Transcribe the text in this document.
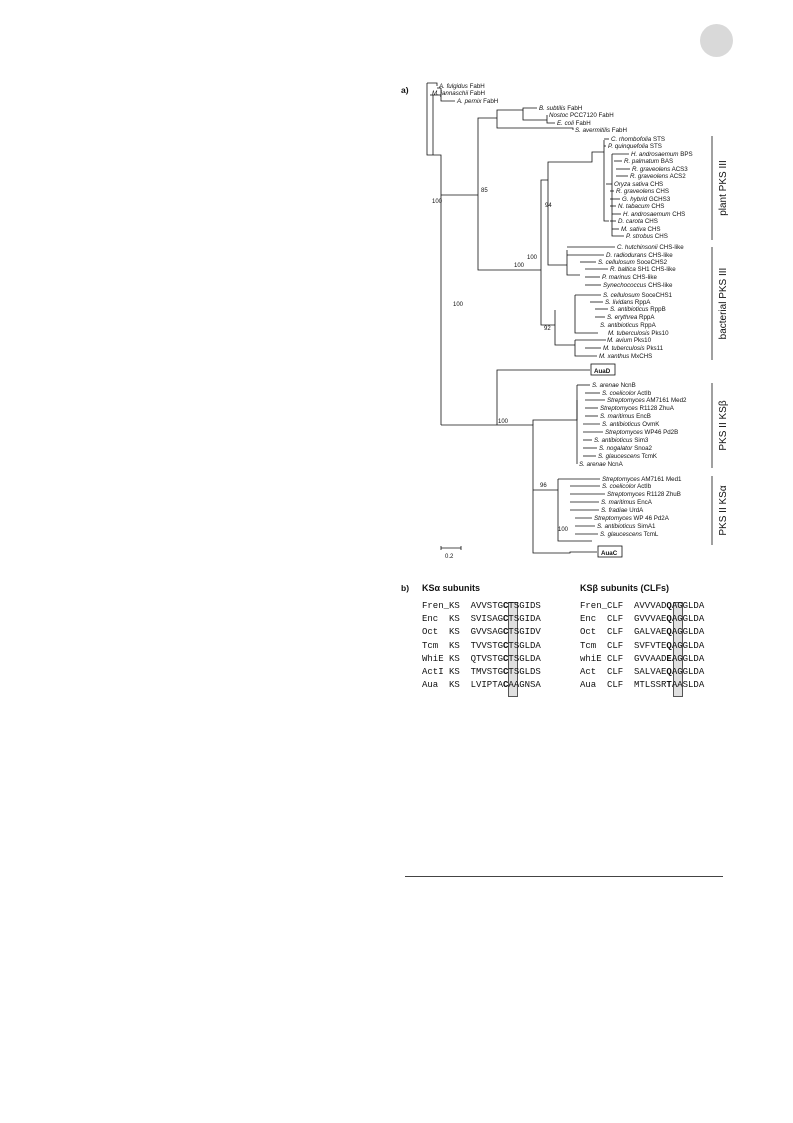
A. fulgidus FabH
M. jannaschii FabH
A. pernix FabH
B. subtilis FabH
Nostoc PCC7120 FabH
E. coli FabH
S. avermitilis FabH
C. rhombofolia STS
P. quinquefolia STS
H. androsaemum BPS
R. palmatum BAS
R. graveolens ACS3
R. graveolens ACS2
Oryza sativa CHS
R. graveolens CHS
G. hybrid GCHS3
N. tabacum CHS
H. androsaemum CHS
D. carota CHS
M. sativa CHS
P. strobus CHS
C. hutchinsonii CHS-like
D. radiodurans CHS-like
S. cellulosum SoceCHS2
R. baltica SH1 CHS-like
P. marinus CHS-like
Synechococcus CHS-like
S. cellulosum SoceCHS1
S. lividans RppA
S. antibioticus RppB
S. erythrea RppA
S. antibioticus RppA
M. tuberculosis Pks10
M. avium Pks10
M. tuberculosis Pks11
M. xanthus MxCHS
S. arenae NcnB
S. coelicolor ActIb
Streptomyces AM7161 Med2
Streptomyces R1128 ZhuA
S. maritimus EncB
S. antibioticus OvmK
Streptomyces WP46 Pd2B
S. antibioticus Sim3
S. nogalator Snoa2
S. glaucescens TcmK
S. arenae NcnA
Streptomyces AM7161 Med1
S. coelicolor ActIb
Streptomyces R1128 ZhuB
S. maritimus EncA
S. fradiae UrdA
Streptomyces WP 46 Pd2A
S. antibioticus SimA1
S. glaucescens TcmL
a)
AuaD
AuaC
100
85
94
100
100
100
92
100
96
100
plant PKS III
bacterial PKS III
PKS II KSβ
PKS II KSα
0.2
b) KSα subunits	KSβ subunits (CLFs)
Fren_KS  AVVSTGCTSGIDS
Enc  KS  SVISAGCTSGIDA
Oct  KS  GVVSAGCTSGIDV
Tcm  KS  TVVSTGCTSGLDA
WhiE KS  QTVSTGCTSGLDA
ActI KS  TMVSTGCTSGLDS
Aua  KS  LVIPTACAAGNSA
Fren_CLF  AVVVADQAGGLDA
Enc  CLF  GVVVAEQAGGLDA
Oct  CLF  GALVAEQAGGLDA
Tcm  CLF  SVFVTEQAGGLDA
whiE CLF  GVVAADEAGGLDA
Act  CLF  SALVAEQAGGLDA
Aua  CLF  MTLSSRTAASLDA
